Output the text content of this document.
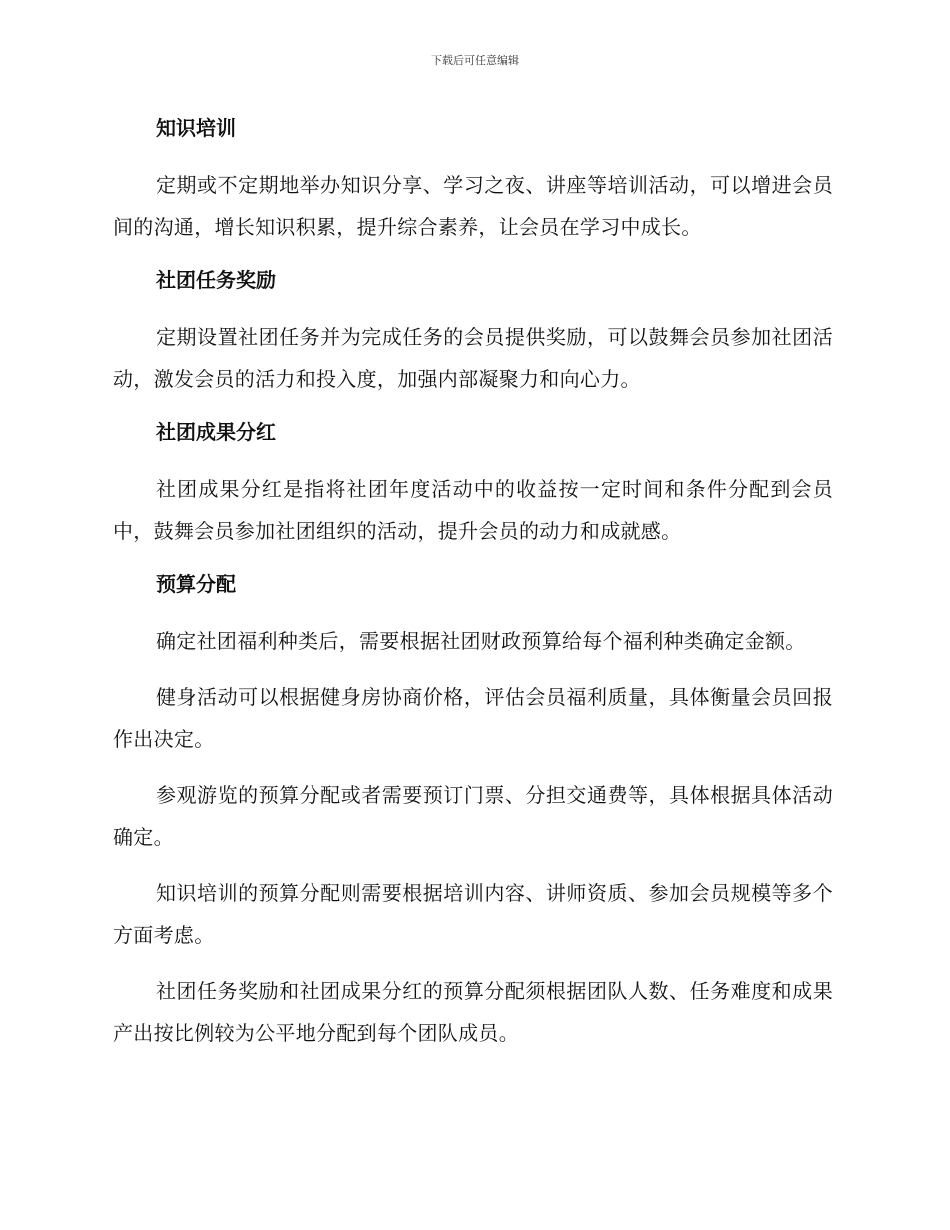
下载后可任意编辑
知识培训

定期或不定期地举办知识分享、学习之夜、讲座等培训活动，可以增进会员间的沟通，增长知识积累，提升综合素养，让会员在学习中成长。

社团任务奖励

定期设置社团任务并为完成任务的会员提供奖励，可以鼓舞会员参加社团活动，激发会员的活力和投入度，加强内部凝聚力和向心力。

社团成果分红

社团成果分红是指将社团年度活动中的收益按一定时间和条件分配到会员中，鼓舞会员参加社团组织的活动，提升会员的动力和成就感。

预算分配

确定社团福利种类后，需要根据社团财政预算给每个福利种类确定金额。

健身活动可以根据健身房协商价格，评估会员福利质量，具体衡量会员回报作出决定。

参观游览的预算分配或者需要预订门票、分担交通费等，具体根据具体活动确定。

知识培训的预算分配则需要根据培训内容、讲师资质、参加会员规模等多个方面考虑。

社团任务奖励和社团成果分红的预算分配须根据团队人数、任务难度和成果产出按比例较为公平地分配到每个团队成员。
